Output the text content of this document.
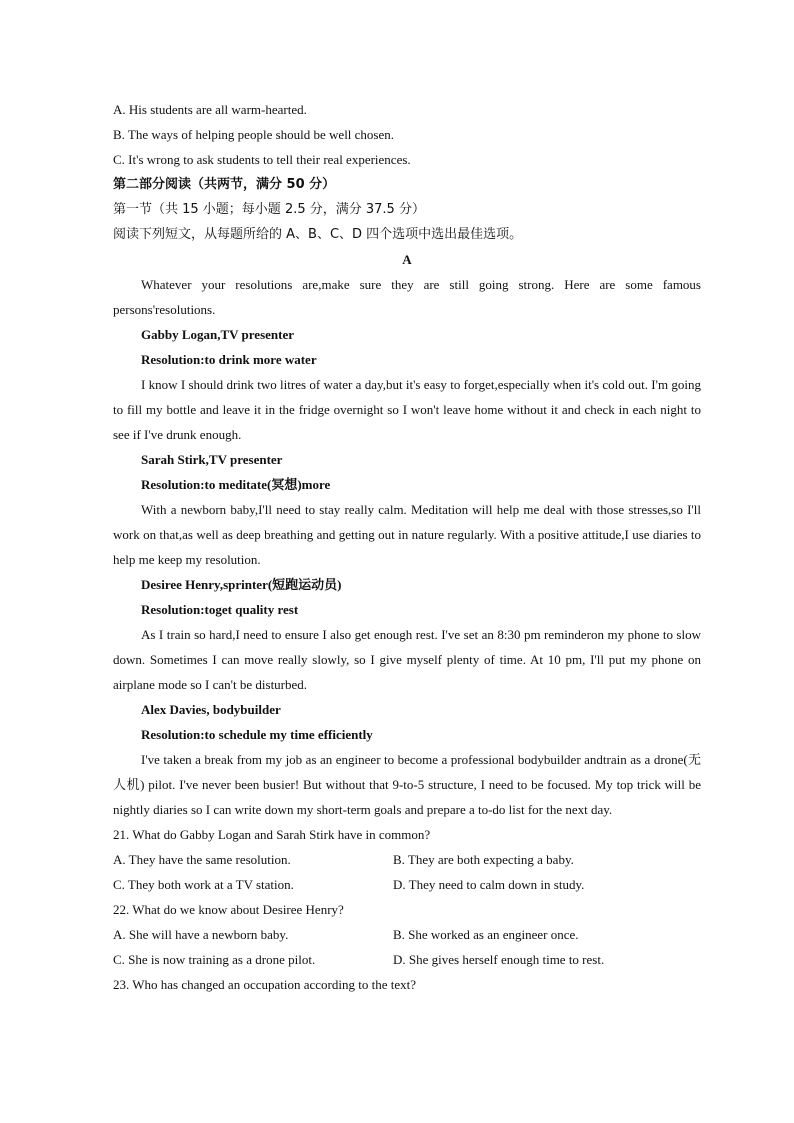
A. His students are all warm-hearted.
B. The ways of helping people should be well chosen.
C. It's wrong to ask students to tell their real experiences.
第二部分阅读（共两节，满分 50 分）
第一节（共 15 小题；每小题 2.5 分，满分 37.5 分）
阅读下列短文，从每题所给的 A、B、C、D 四个选项中选出最佳选项。
A
Whatever your resolutions are,make sure they are still going strong. Here are some famous persons'resolutions.
Gabby Logan,TV presenter
Resolution:to drink more water
I know I should drink two litres of water a day,but it's easy to forget,especially when it's cold out. I'm going to fill my bottle and leave it in the fridge overnight so I won't leave home without it and check in each night to see if I've drunk enough.
Sarah Stirk,TV presenter
Resolution:to meditate(冥想)more
With a newborn baby,I'll need to stay really calm. Meditation will help me deal with those stresses,so I'll work on that,as well as deep breathing and getting out in nature regularly. With a positive attitude,I use diaries to help me keep my resolution.
Desiree Henry,sprinter(短跑运动员)
Resolution:toget quality rest
As I train so hard,I need to ensure I also get enough rest. I've set an 8:30 pm reminderon my phone to slow down. Sometimes I can move really slowly, so I give myself plenty of time. At 10 pm, I'll put my phone on airplane mode so I can't be disturbed.
Alex Davies, bodybuilder
Resolution:to schedule my time efficiently
I've taken a break from my job as an engineer to become a professional bodybuilder andtrain as a drone(无人机) pilot. I've never been busier! But without that 9-to-5 structure, I need to be focused. My top trick will be nightly diaries so I can write down my short-term goals and prepare a to-do list for the next day.
21. What do Gabby Logan and Sarah Stirk have in common?
A. They have the same resolution.	B. They are both expecting a baby.
C. They both work at a TV station.	D. They need to calm down in study.
22. What do we know about Desiree Henry?
A. She will have a newborn baby.	B. She worked as an engineer once.
C. She is now training as a drone pilot.	D. She gives herself enough time to rest.
23. Who has changed an occupation according to the text?
